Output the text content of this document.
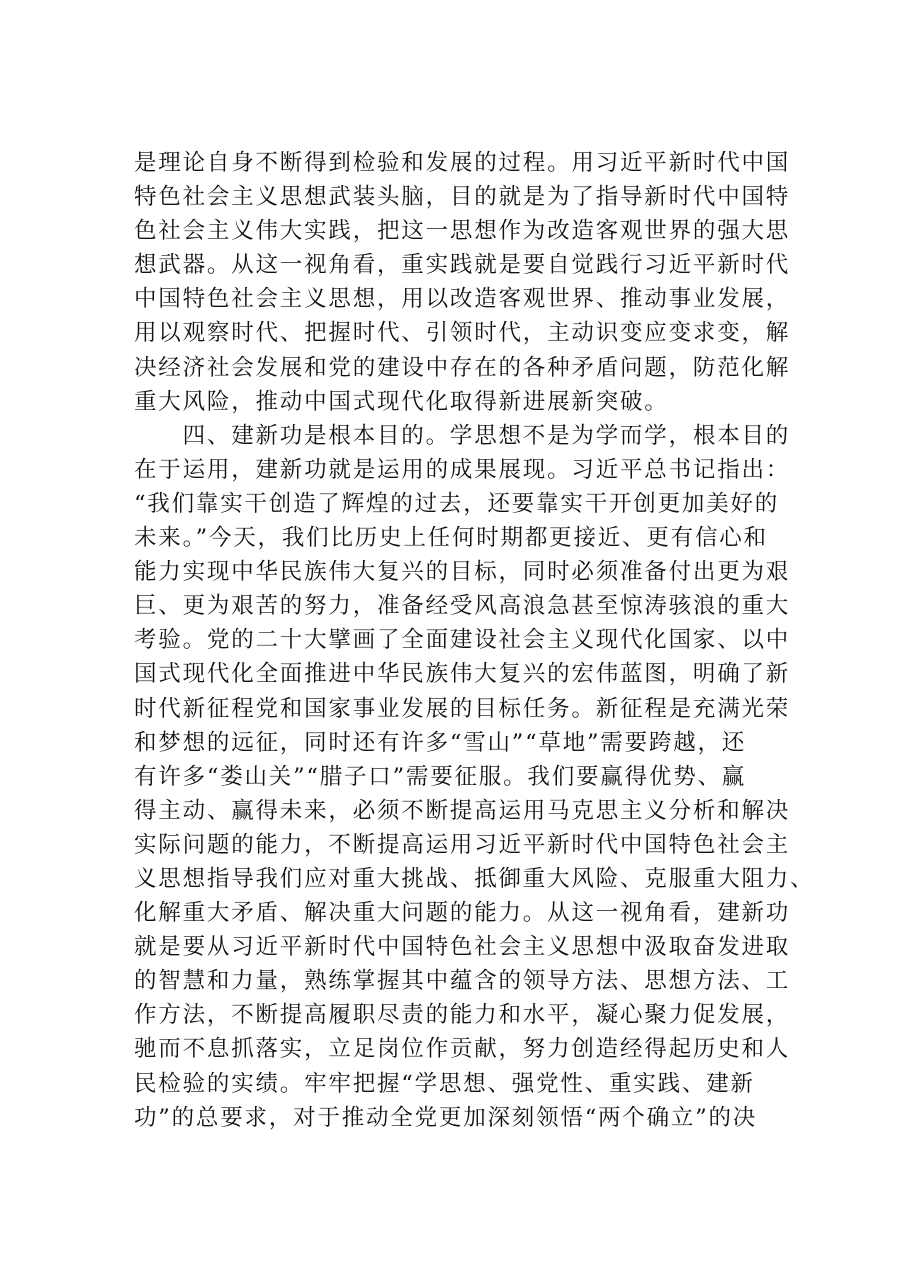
是理论自身不断得到检验和发展的过程。用习近平新时代中国
特色社会主义思想武装头脑，目的就是为了指导新时代中国特
色社会主义伟大实践，把这一思想作为改造客观世界的强大思
想武器。从这一视角看，重实践就是要自觉践行习近平新时代
中国特色社会主义思想，用以改造客观世界、推动事业发展，
用以观察时代、把握时代、引领时代，主动识变应变求变，解
决经济社会发展和党的建设中存在的各种矛盾问题，防范化解
重大风险，推动中国式现代化取得新进展新突破。
　　四、建新功是根本目的。学思想不是为学而学，根本目的
在于运用，建新功就是运用的成果展现。习近平总书记指出：
“我们靠实干创造了辉煌的过去，还要靠实干开创更加美好的
未来。”今天，我们比历史上任何时期都更接近、更有信心和
能力实现中华民族伟大复兴的目标，同时必须准备付出更为艰
巨、更为艰苦的努力，准备经受风高浪急甚至惊涛骇浪的重大
考验。党的二十大擘画了全面建设社会主义现代化国家、以中
国式现代化全面推进中华民族伟大复兴的宏伟蓝图，明确了新
时代新征程党和国家事业发展的目标任务。新征程是充满光荣
和梦想的远征，同时还有许多“雪山”“草地”需要跨越，还
有许多“娄山关”“腊子口”需要征服。我们要赢得优势、赢
得主动、赢得未来，必须不断提高运用马克思主义分析和解决
实际问题的能力，不断提高运用习近平新时代中国特色社会主
义思想指导我们应对重大挑战、抵御重大风险、克服重大阻力、
化解重大矛盾、解决重大问题的能力。从这一视角看，建新功
就是要从习近平新时代中国特色社会主义思想中汲取奋发进取
的智慧和力量，熟练掌握其中蕴含的领导方法、思想方法、工
作方法，不断提高履职尽责的能力和水平，凝心聚力促发展，
驰而不息抓落实，立足岗位作贡献，努力创造经得起历史和人
民检验的实绩。牢牢把握“学思想、强党性、重实践、建新
功”的总要求，对于推动全党更加深刻领悟“两个确立”的决
